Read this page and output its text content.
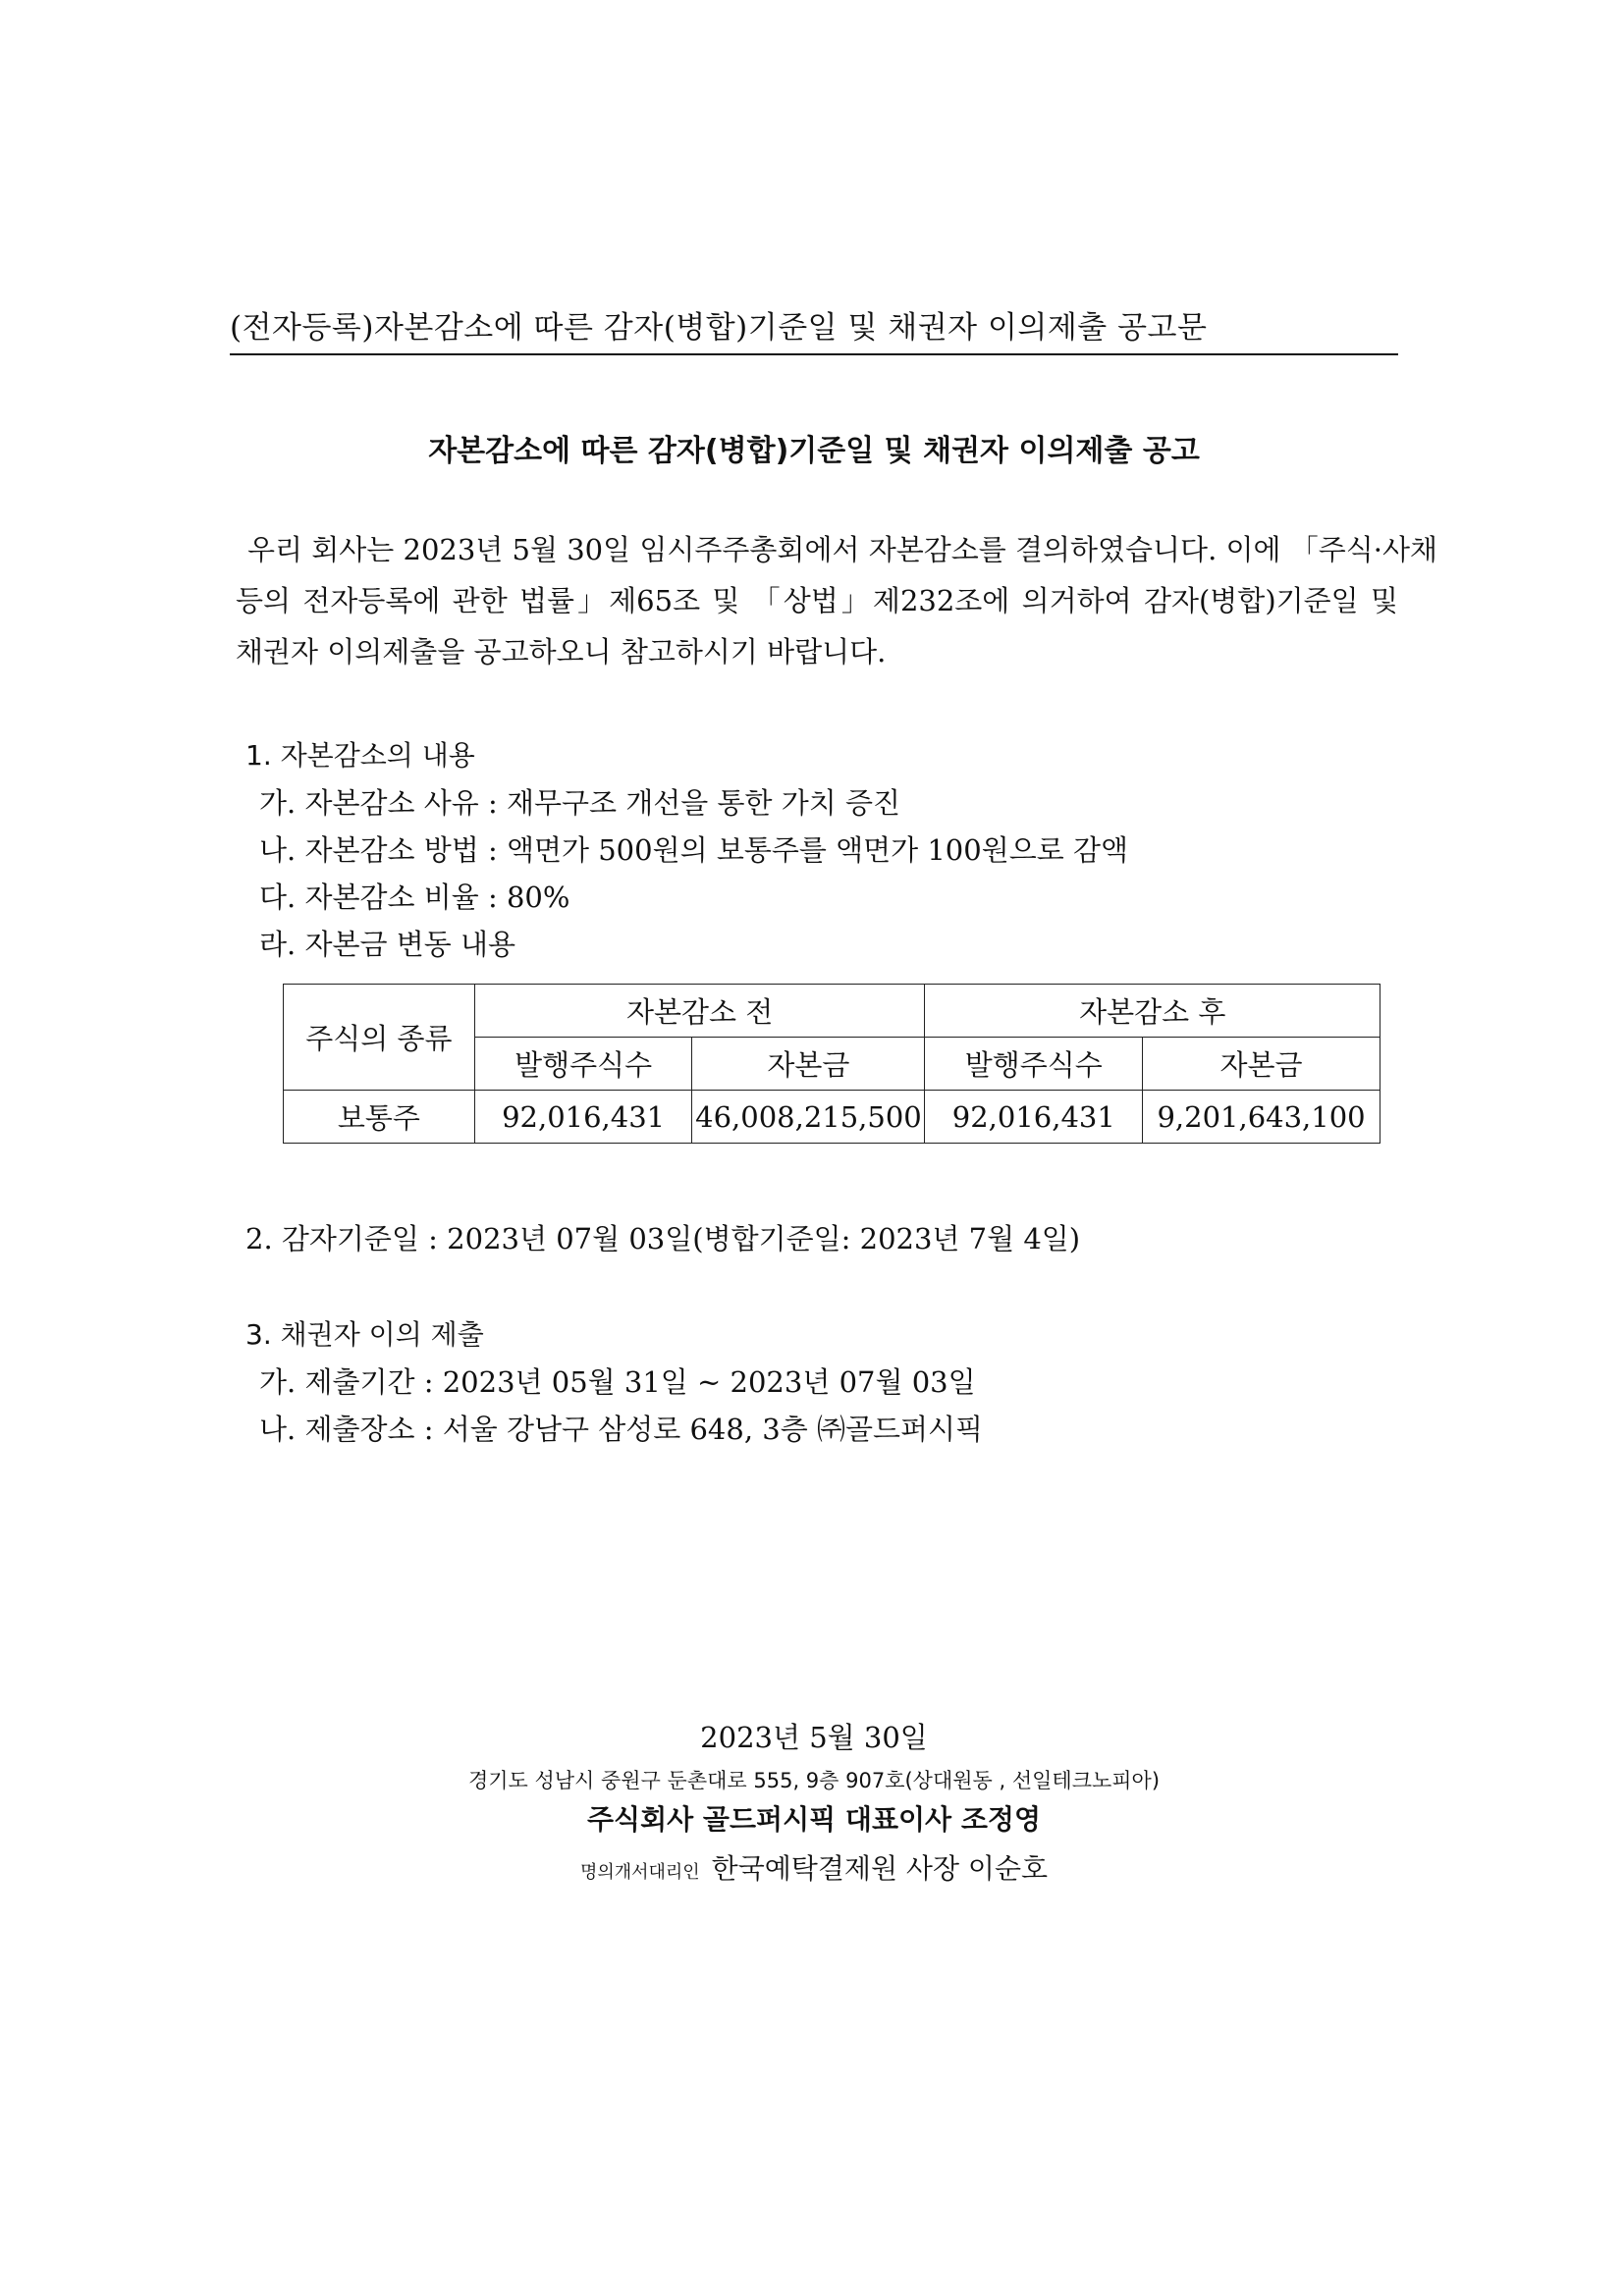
(전자등록)자본감소에 따른 감자(병합)기준일 및 채권자 이의제출 공고문
자본감소에 따른 감자(병합)기준일 및 채권자 이의제출 공고
우리 회사는 2023년 5월 30일 임시주주총회에서 자본감소를 결의하였습니다. 이에 「주식·사채
등의 전자등록에 관한 법률」제65조 및 「상법」제232조에 의거하여 감자(병합)기준일 및
채권자 이의제출을 공고하오니 참고하시기 바랍니다.
1. 자본감소의 내용
가. 자본감소 사유 : 재무구조 개선을 통한 가치 증진
나. 자본감소 방법 : 액면가 500원의 보통주를 액면가 100원으로 감액
다. 자본감소 비율 : 80%
라. 자본금 변동 내용
주식의 종류	자본감소 전		자본감소 후	
	발행주식수	자본금	발행주식수	자본금
보통주	92,016,431	46,008,215,500	92,016,431	9,201,643,100
2. 감자기준일 : 2023년 07월 03일(병합기준일: 2023년 7월 4일)
3. 채권자 이의 제출
가. 제출기간 : 2023년 05월 31일 ~ 2023년 07월 03일
나. 제출장소 : 서울 강남구 삼성로 648, 3층 ㈜골드퍼시픽
2023년 5월 30일
경기도 성남시 중원구 둔촌대로 555, 9층 907호(상대원동 , 선일테크노피아)
주식회사 골드퍼시픽 대표이사 조정영
명의개서대리인 한국예탁결제원 사장 이순호
